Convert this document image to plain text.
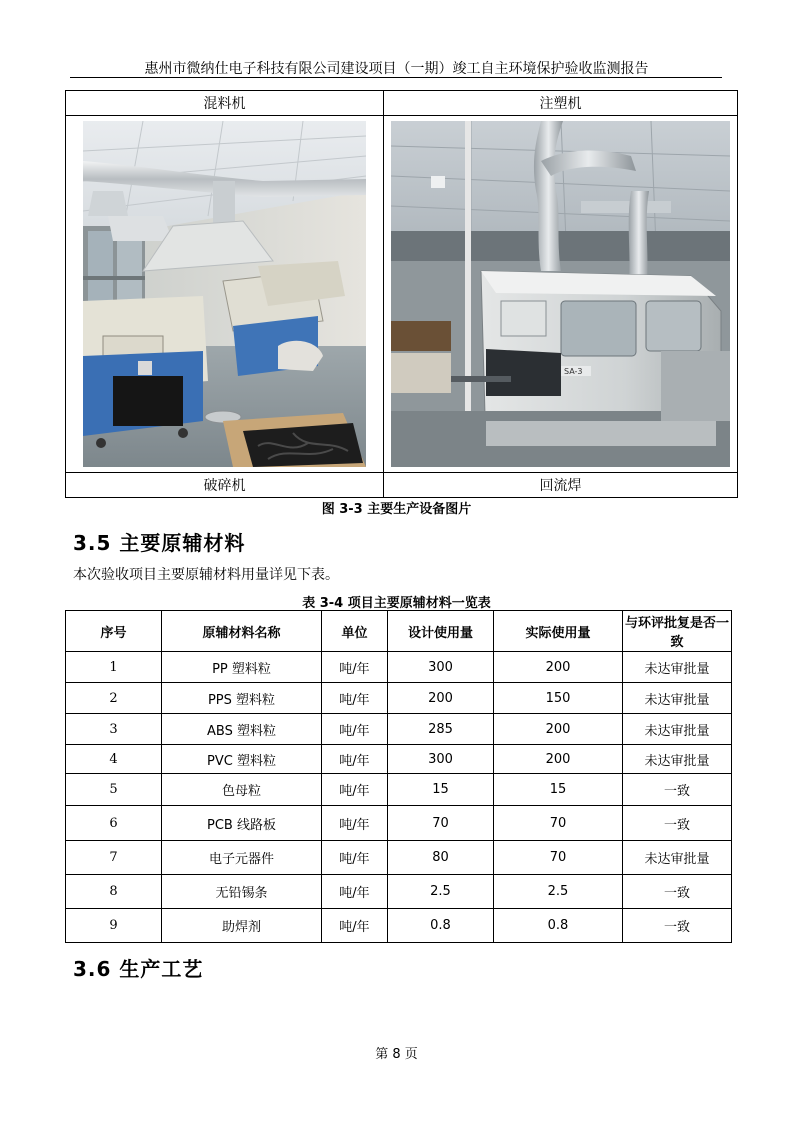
惠州市微纳仕电子科技有限公司建设项目（一期）竣工自主环境保护验收监测报告
混料机	注塑机

SA-3

破碎机	回流焊
图 3-3 主要生产设备图片
3.5 主要原辅材料
本次验收项目主要原辅材料用量详见下表。
表 3-4 项目主要原辅材料一览表
序号	原辅材料名称	单位	设计使用量	实际使用量	与环评批复是否一致
1	PP 塑料粒	吨/年	300	200	未达审批量
2	PPS 塑料粒	吨/年	200	150	未达审批量
3	ABS 塑料粒	吨/年	285	200	未达审批量
4	PVC 塑料粒	吨/年	300	200	未达审批量
5	色母粒	吨/年	15	15	一致
6	PCB 线路板	吨/年	70	70	一致
7	电子元器件	吨/年	80	70	未达审批量
8	无铅锡条	吨/年	2.5	2.5	一致
9	助焊剂	吨/年	0.8	0.8	一致
3.6 生产工艺
第 8 页
